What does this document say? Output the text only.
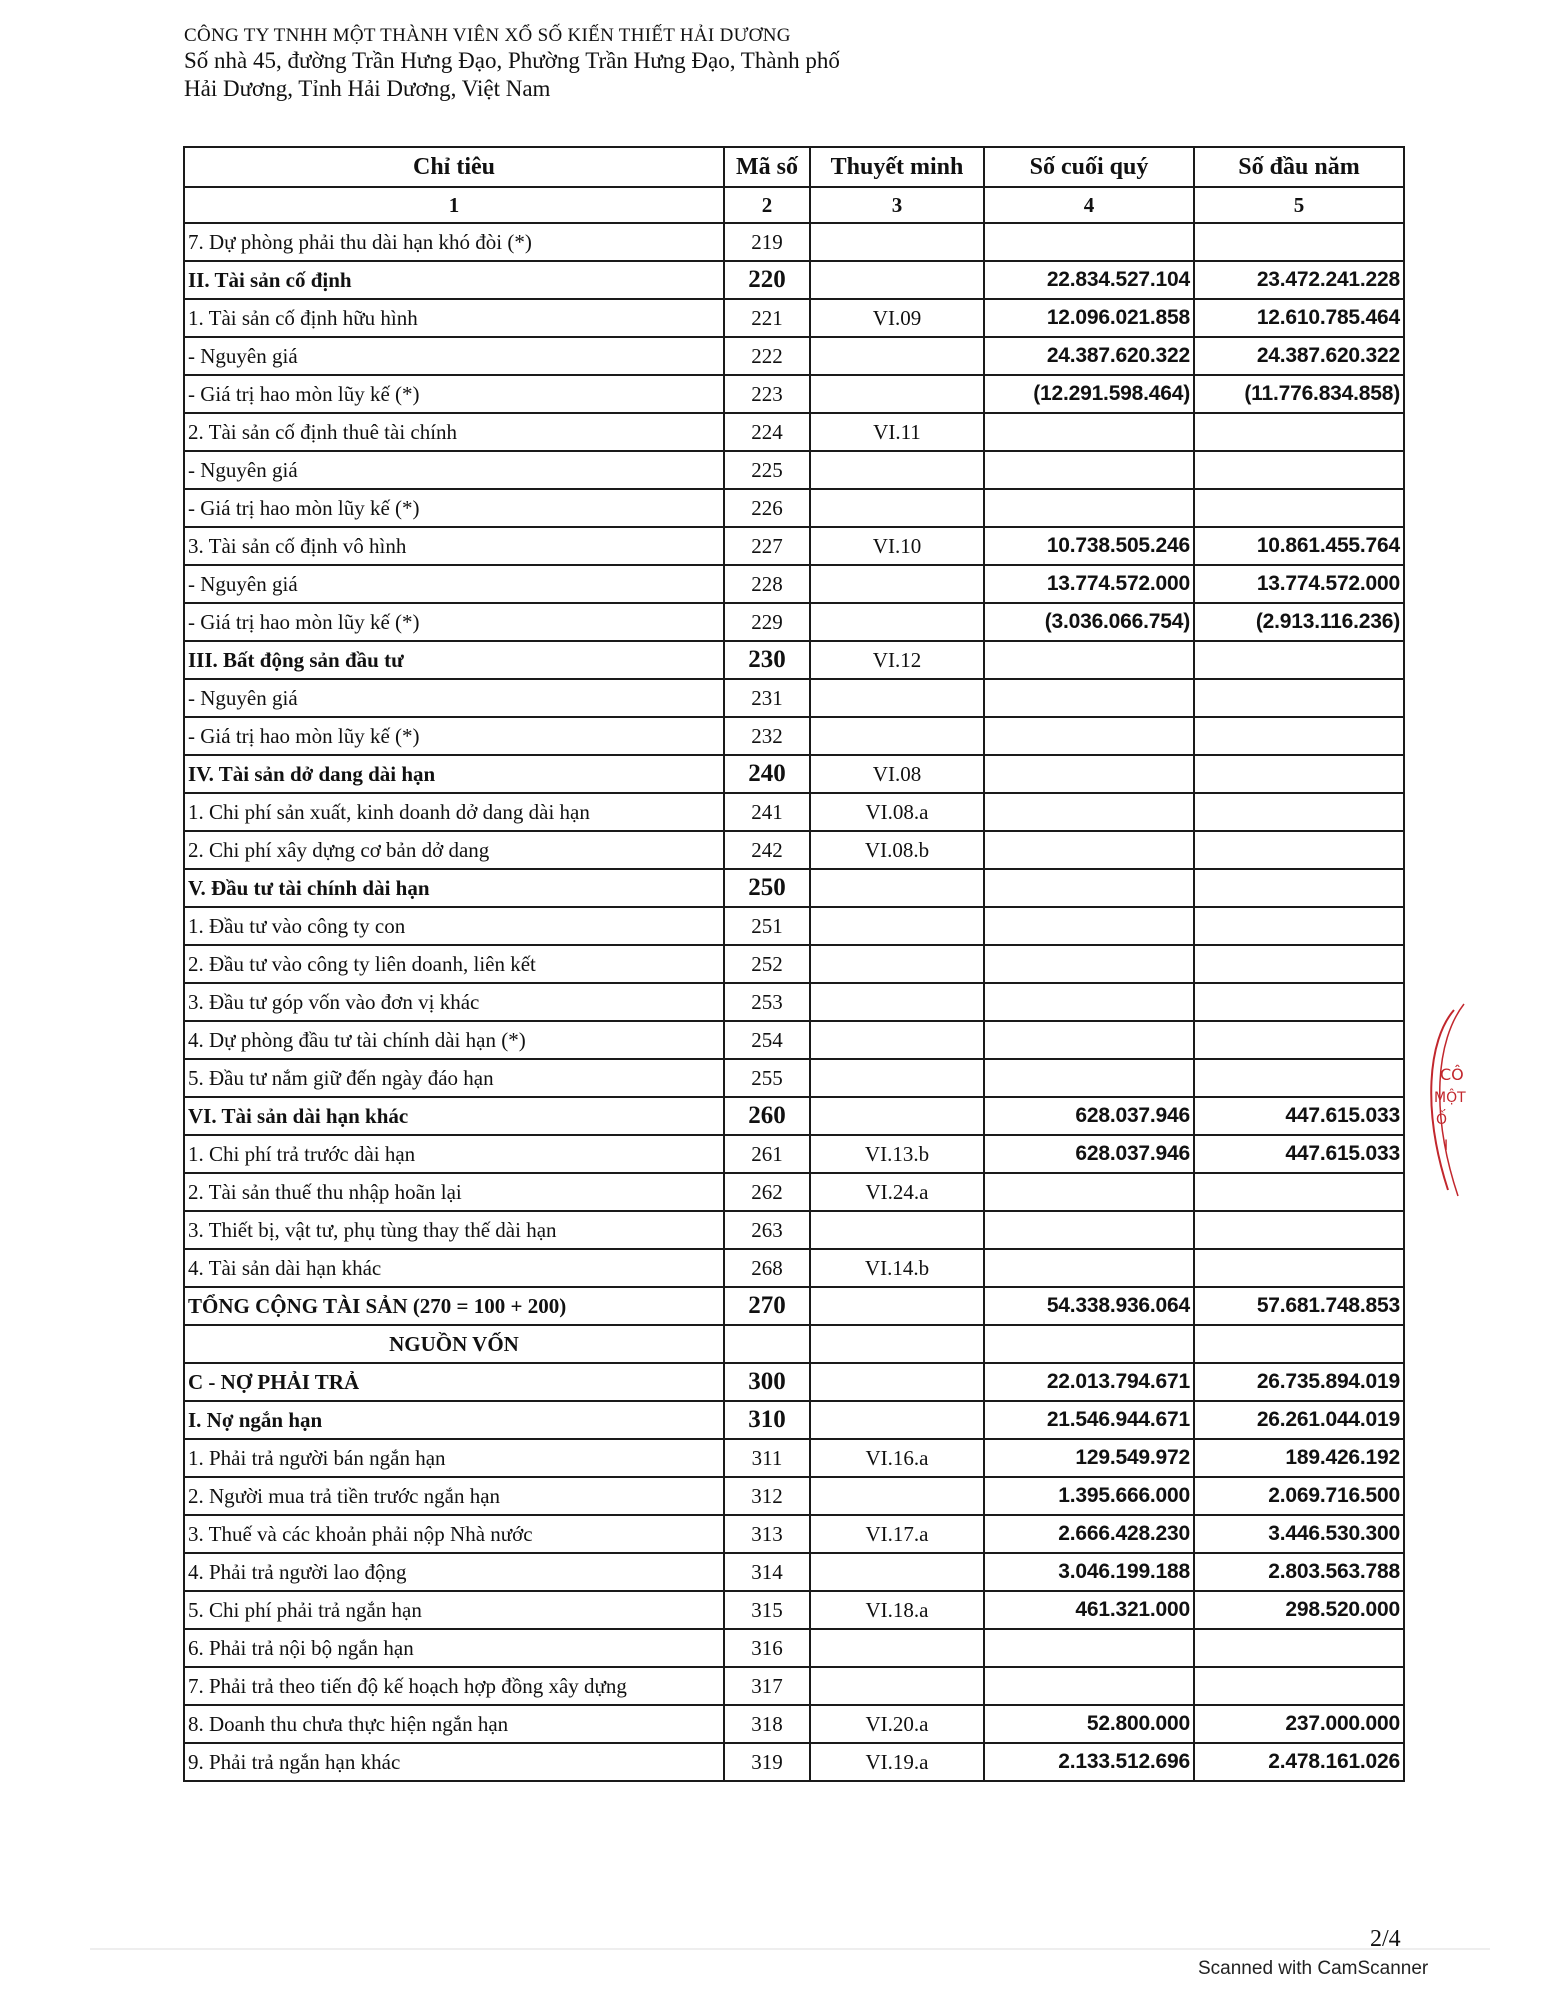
CÔNG TY TNHH MỘT THÀNH VIÊN XỔ SỐ KIẾN THIẾT HẢI DƯƠNG
Số nhà 45, đường Trần Hưng Đạo, Phường Trần Hưng Đạo, Thành phố
Hải Dương, Tỉnh Hải Dương, Việt Nam
Chỉ tiêu	Mã số	Thuyết minh	Số cuối quý	Số đầu năm
1	2	3	4	5
7. Dự phòng phải thu dài hạn khó đòi (*)	219			
II. Tài sản cố định	220		22.834.527.104	23.472.241.228
1. Tài sản cố định hữu hình	221	VI.09	12.096.021.858	12.610.785.464
- Nguyên giá	222		24.387.620.322	24.387.620.322
- Giá trị hao mòn lũy kế (*)	223		(12.291.598.464)	(11.776.834.858)
2. Tài sản cố định thuê tài chính	224	VI.11		
- Nguyên giá	225			
- Giá trị hao mòn lũy kế (*)	226			
3. Tài sản cố định vô hình	227	VI.10	10.738.505.246	10.861.455.764
- Nguyên giá	228		13.774.572.000	13.774.572.000
- Giá trị hao mòn lũy kế (*)	229		(3.036.066.754)	(2.913.116.236)
III. Bất động sản đầu tư	230	VI.12		
- Nguyên giá	231			
- Giá trị hao mòn lũy kế (*)	232			
IV. Tài sản dở dang dài hạn	240	VI.08		
1. Chi phí sản xuất, kinh doanh dở dang dài hạn	241	VI.08.a		
2. Chi phí xây dựng cơ bản dở dang	242	VI.08.b		
V. Đầu tư tài chính dài hạn	250			
1. Đầu tư vào công ty con	251			
2. Đầu tư vào công ty liên doanh, liên kết	252			
3. Đầu tư góp vốn vào đơn vị khác	253			
4. Dự phòng đầu tư tài chính dài hạn (*)	254			
5. Đầu tư nắm giữ đến ngày đáo hạn	255			
VI. Tài sản dài hạn khác	260		628.037.946	447.615.033
1. Chi phí trả trước dài hạn	261	VI.13.b	628.037.946	447.615.033
2. Tài sản thuế thu nhập hoãn lại	262	VI.24.a		
3. Thiết bị, vật tư, phụ tùng thay thế dài hạn	263			
4. Tài sản dài hạn khác	268	VI.14.b		
TỔNG CỘNG TÀI SẢN (270 = 100 + 200)	270		54.338.936.064	57.681.748.853
NGUỒN VỐN				
C - NỢ PHẢI TRẢ	300		22.013.794.671	26.735.894.019
I. Nợ ngắn hạn	310		21.546.944.671	26.261.044.019
1. Phải trả người bán ngắn hạn	311	VI.16.a	129.549.972	189.426.192
2. Người mua trả tiền trước ngắn hạn	312		1.395.666.000	2.069.716.500
3. Thuế và các khoản phải nộp Nhà nước	313	VI.17.a	2.666.428.230	3.446.530.300
4. Phải trả người lao động	314		3.046.199.188	2.803.563.788
5. Chi phí phải trả ngắn hạn	315	VI.18.a	461.321.000	298.520.000
6. Phải trả nội bộ ngắn hạn	316			
7. Phải trả theo tiến độ kế hoạch hợp đồng xây dựng	317			
8. Doanh thu chưa thực hiện ngắn hạn	318	VI.20.a	52.800.000	237.000.000
9. Phải trả ngắn hạn khác	319	VI.19.a	2.133.512.696	2.478.161.026
CÔ
MỘT
Ố
I
2/4
Scanned with CamScanner
